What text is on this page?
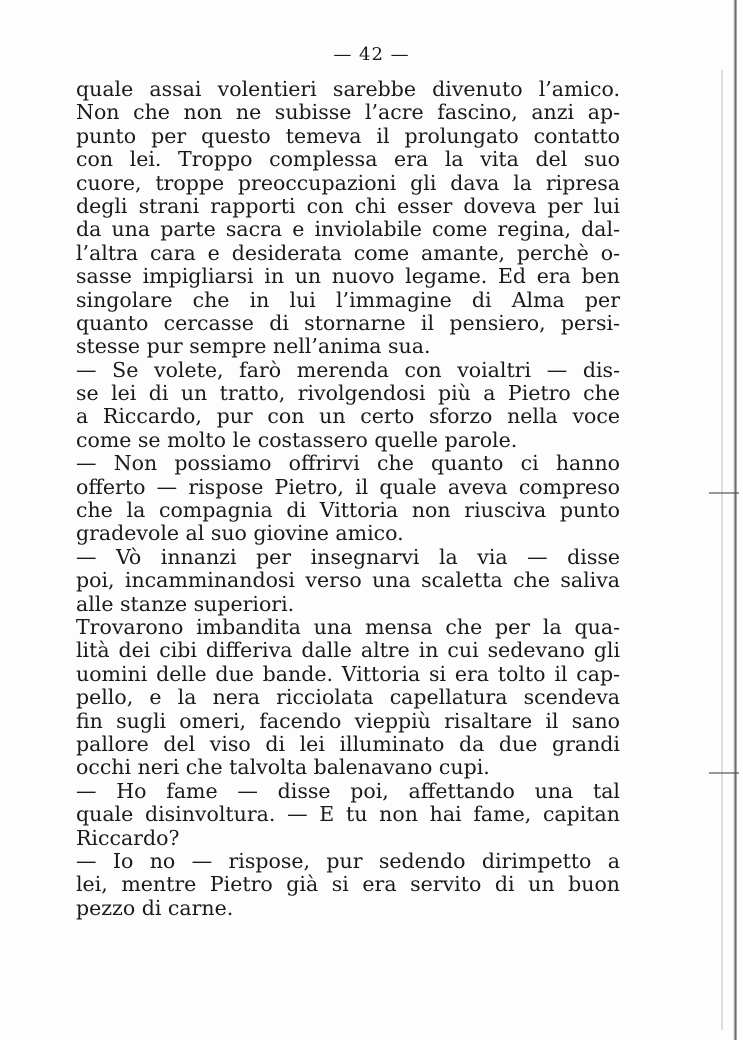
— 42 —
quale assai volentieri sarebbe divenuto l’amico.
Non che non ne subisse l’acre fascino, anzi ap-
punto per questo temeva il prolungato contatto
con lei. Troppo complessa era la vita del suo
cuore, troppe preoccupazioni gli dava la ripresa
degli strani rapporti con chi esser doveva per lui
da una parte sacra e inviolabile come regina, dal-
l’altra cara e desiderata come amante, perchè o-
sasse impigliarsi in un nuovo legame. Ed era ben
singolare che in lui l’immagine di Alma per
quanto cercasse di stornarne il pensiero, persi-
stesse pur sempre nell’anima sua.
— Se volete, farò merenda con voialtri — dis-
se lei di un tratto, rivolgendosi più a Pietro che
a Riccardo, pur con un certo sforzo nella voce
come se molto le costassero quelle parole.
— Non possiamo offrirvi che quanto ci hanno
offerto — rispose Pietro, il quale aveva compreso
che la compagnia di Vittoria non riusciva punto
gradevole al suo giovine amico.
— Vò innanzi per insegnarvi la via — disse
poi, incamminandosi verso una scaletta che saliva
alle stanze superiori.
Trovarono imbandita una mensa che per la qua-
lità dei cibi differiva dalle altre in cui sedevano gli
uomini delle due bande. Vittoria si era tolto il cap-
pello, e la nera ricciolata capellatura scendeva
fin sugli omeri, facendo vieppiù risaltare il sano
pallore del viso di lei illuminato da due grandi
occhi neri che talvolta balenavano cupi.
— Ho fame — disse poi, affettando una tal
quale disinvoltura. — E tu non hai fame, capitan
Riccardo?
— Io no — rispose, pur sedendo dirimpetto a
lei, mentre Pietro già si era servito di un buon
pezzo di carne.
